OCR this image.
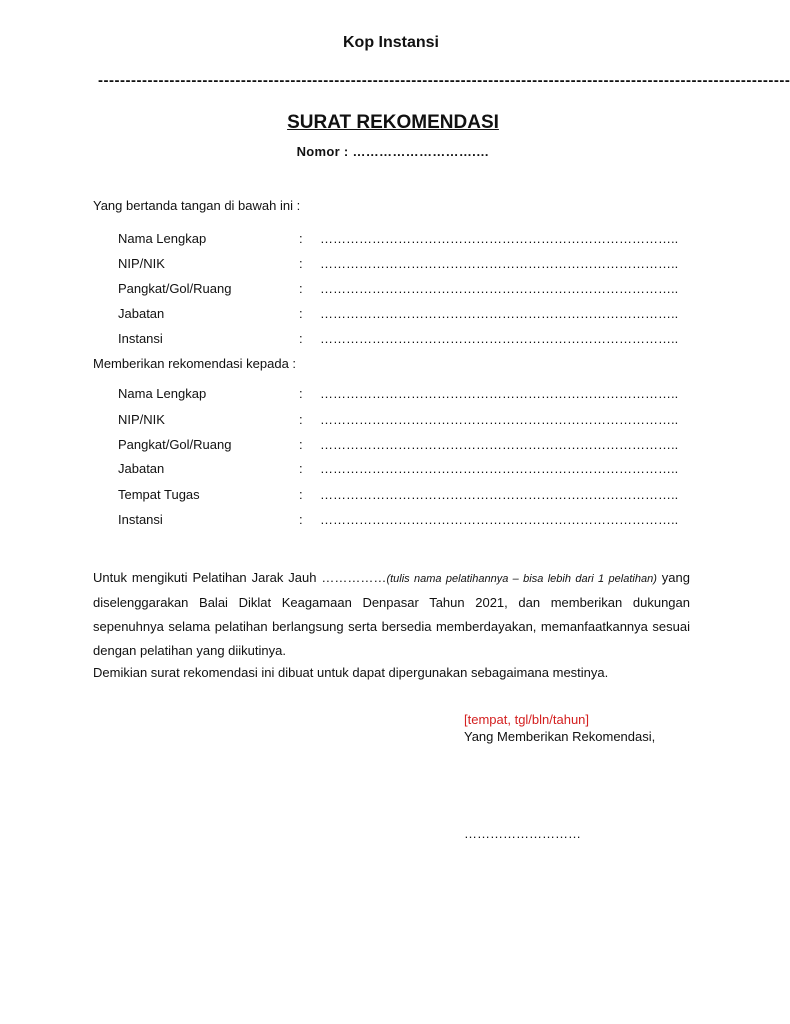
Kop Instansi
------------------------------------------------------------------------------------------------------------------------------
SURAT REKOMENDASI
Nomor : ……………………….…
Yang bertanda tangan di bawah ini :
Nama Lengkap	: ………………………………………………………………………..
NIP/NIK	: ………………………………………………………………………..
Pangkat/Gol/Ruang	: ………………………………………………………………………..
Jabatan	: ………………………………………………………………………..
Instansi	: ………………………………………………………………………..
Memberikan rekomendasi kepada :
Nama Lengkap	: ………………………………………………………………………..
NIP/NIK	: ………………………………………………………………………..
Pangkat/Gol/Ruang	: ………………………………………………………………………..
Jabatan	: ………………………………………………………………………..
Tempat Tugas	: ………………………………………………………………………..
Instansi	: ………………………………………………………………………..
Untuk mengikuti Pelatihan Jarak Jauh ……………(tulis nama pelatihannya – bisa lebih dari 1 pelatihan) yang diselenggarakan Balai Diklat Keagamaan Denpasar Tahun 2021, dan memberikan dukungan sepenuhnya selama pelatihan berlangsung serta bersedia memberdayakan, memanfaatkannya sesuai dengan pelatihan yang diikutinya.
Demikian surat rekomendasi ini dibuat untuk dapat dipergunakan sebagaimana mestinya.
[tempat, tgl/bln/tahun]
Yang Memberikan Rekomendasi,
………………………
